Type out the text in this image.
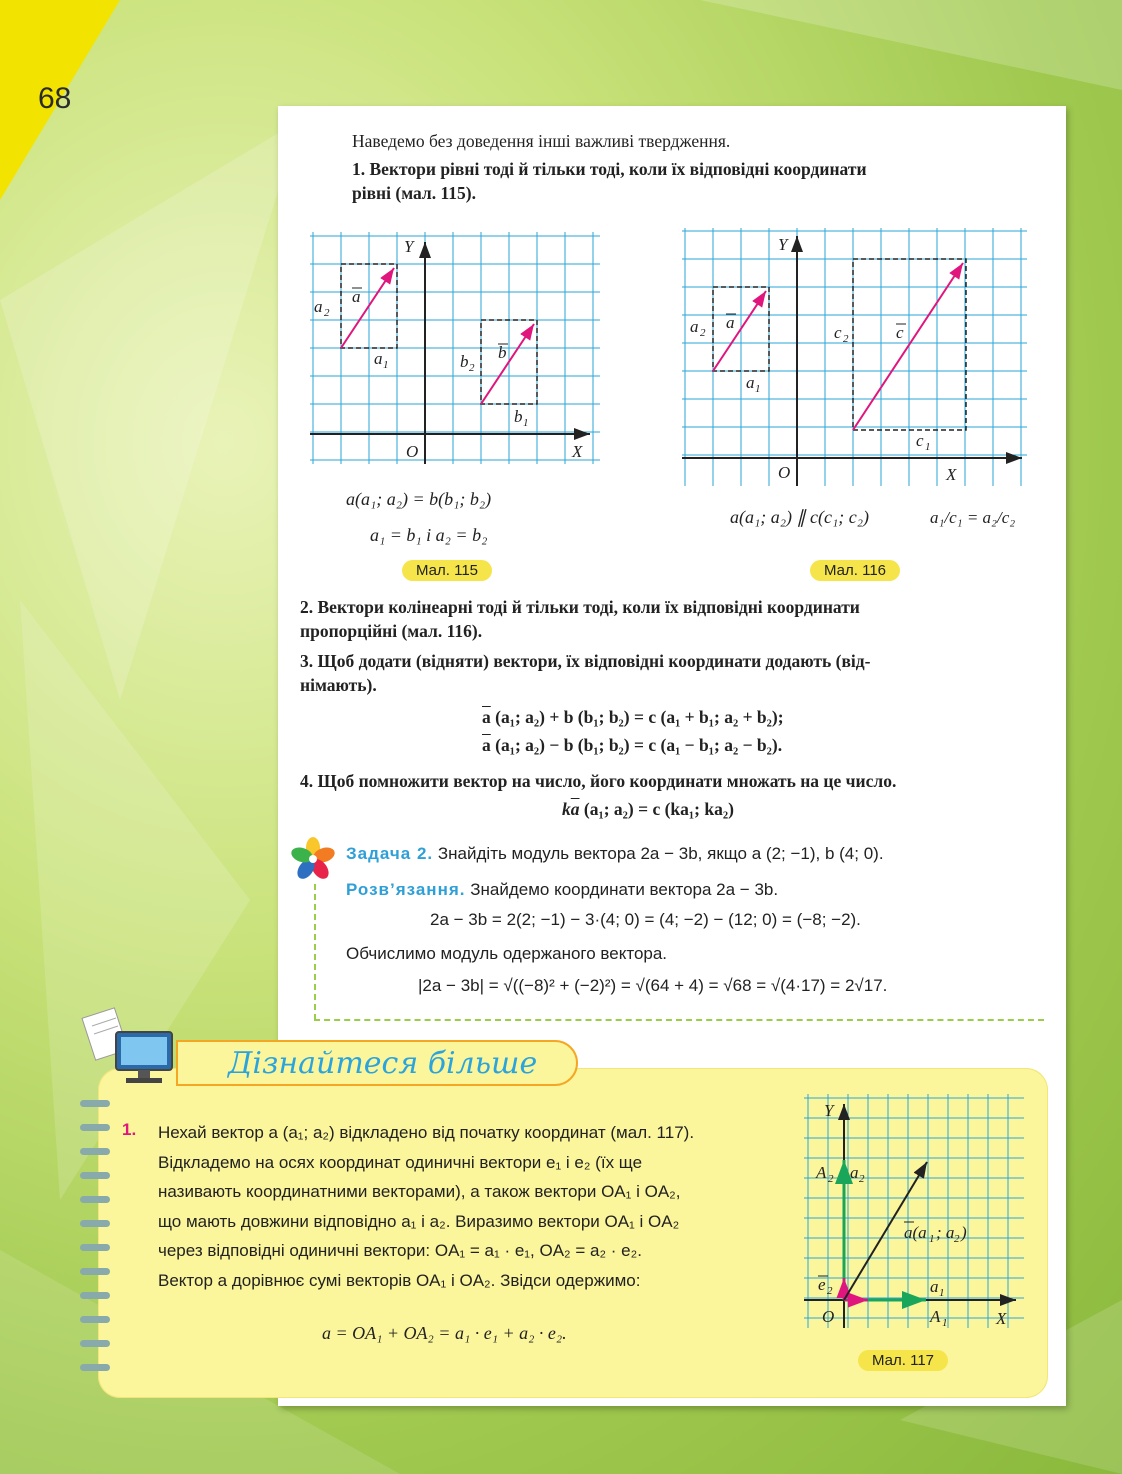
68
Наведемо без доведення інші важливі твердження.
1. Вектори рівні тоді й тільки тоді, коли їх відповідні координати
рівні (мал. 115).
Y
X
O
a
a 2
a 1
b
b 2
b 1
a(a₁; a₂) = b(b₁; b₂)
a₁ = b₁ і a₂ = b₂
Мал. 115
Y
X
O
a
a 2
a 1
c
c 2
c 1
a(a₁; a₂) ∥ c(c₁; c₂)	a₁/c₁ = a₂/c₂
Мал. 116
2. Вектори колінеарні тоді й тільки тоді, коли їх відповідні координати
пропорційні (мал. 116).
3. Щоб додати (відняти) вектори, їх відповідні координати додають (від-
німають).
$\overline{a}$ (a₁; a₂) + b (b₁; b₂) = c (a₁ + b₁; a₂ + b₂);
$\overline{a}$ (a₁; a₂) − b (b₁; b₂) = c (a₁ − b₁; a₂ − b₂).
4. Щоб помножити вектор на число, його координати множать на це число.
$k\overline{a}$ (a₁; a₂) = c (ka₁; ka₂)
Задача 2. Знайдіть модуль вектора 2a − 3b, якщо a (2; −1), b (4; 0).
Розв’язання. Знайдемо координати вектора 2a − 3b.
2a − 3b = 2(2; −1) − 3·(4; 0) = (4; −2) − (12; 0) = (−8; −2).
Обчислимо модуль одержаного вектора.
|2a − 3b| = √((−8)² + (−2)²) = √(64 + 4) = √68 = √(4·17) = 2√17.
Дізнайтеся більше
1. Нехай вектор a (a₁; a₂) відкладено від початку координат (мал. 117).
Відкладемо на осях координат одиничні вектори e₁ і e₂ (їх ще
називають координатними векторами), а також вектори OA₁ і OA₂,
що мають довжини відповідно a₁ і a₂. Виразимо вектори OA₁ і OA₂
через відповідні одиничні вектори: OA₁ = a₁ · e₁, OA₂ = a₂ · e₂.
Вектор a дорівнює сумі векторів OA₁ і OA₂. Звідси одержимо:
a = OA₁ + OA₂ = a₁ · e₁ + a₂ · e₂.
Y
X
O
A 2 a 2
e 2	a 1
A 1
a(a 1 ; a 2 )
Мал. 117
